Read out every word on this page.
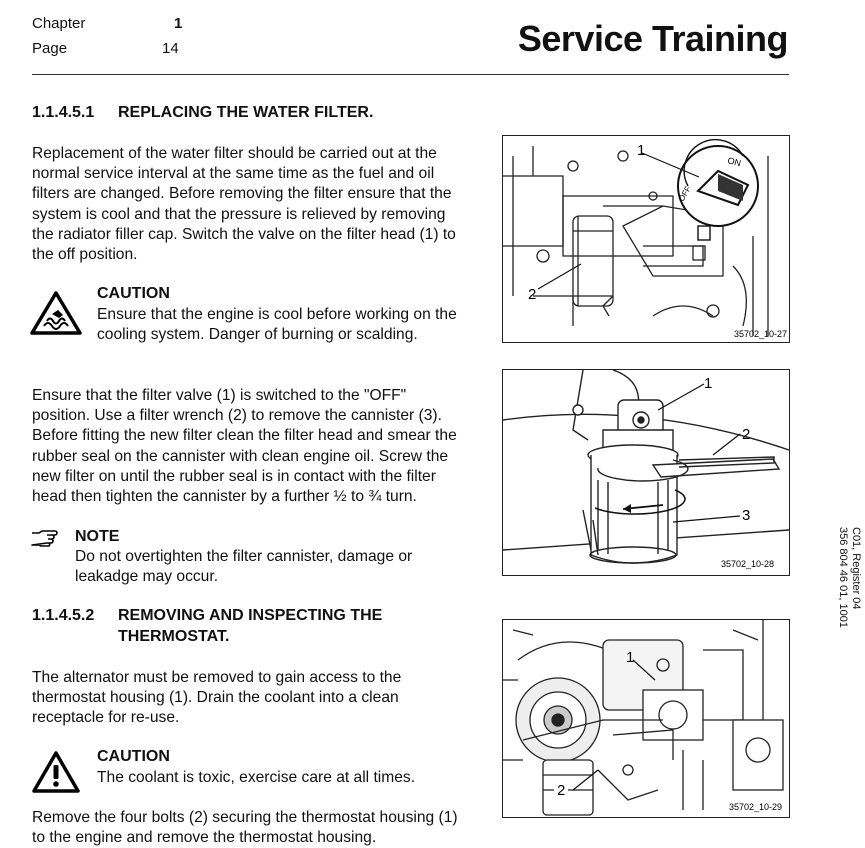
Chapter	1
Page	14	Service Training
1.1.4.5.1 REPLACING THE WATER FILTER.
Replacement of the water filter should be carried out at the
normal service interval at the same time as the fuel and oil
filters are changed. Before removing the filter ensure that the
system is cool and that the pressure is relieved by removing
the radiator filler cap. Switch the valve on the filter head (1) to
the off position.
CAUTION
Ensure that the engine is cool before working on the
cooling system. Danger of burning or scalding.
Ensure that the filter valve (1) is switched to the "OFF"
position. Use a filter wrench (2) to remove the cannister (3).
Before fitting the new filter clean the filter head and smear the
rubber seal on the cannister with clean engine oil. Screw the
new filter on until the rubber seal is in contact with the filter
head then tighten the cannister by a further ½ to ¾ turn.
NOTE
Do not overtighten the filter cannister, damage or
leakadge may occur.
1.1.4.5.2 REMOVING AND INSPECTING THE
THERMOSTAT.
The alternator must be removed to gain access to the
thermostat housing (1). Drain the coolant into a clean
receptacle for re-use.
CAUTION
The coolant is toxic, exercise care at all times.
Remove the four bolts (2) securing the thermostat housing (1)
to the engine and remove the thermostat housing.
ON
OFF
1
2
35702_10-27
1
2
3
35702_10-28
1
2
35702_10-29
C01, Register 04
356 804 46 01, 1001
